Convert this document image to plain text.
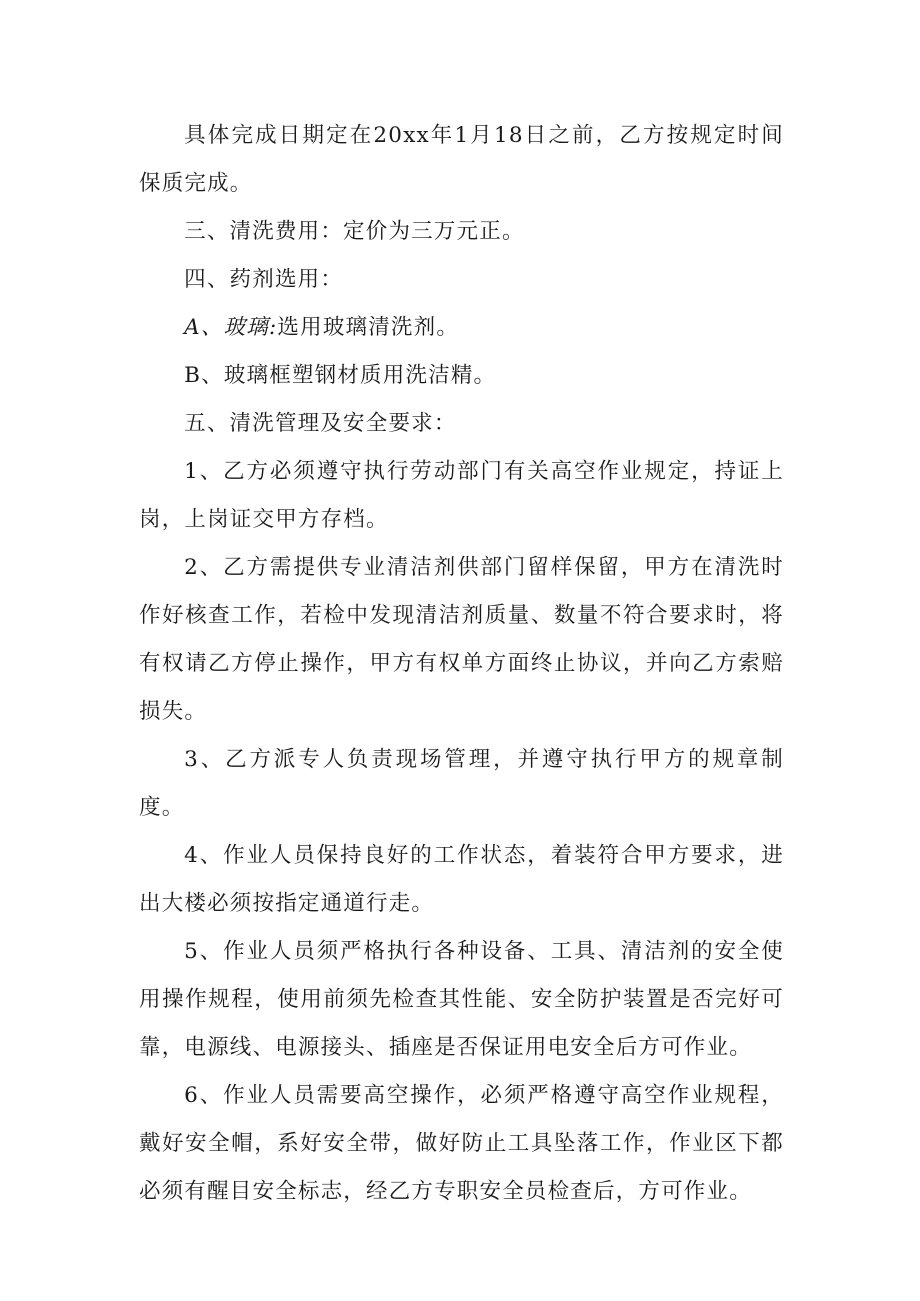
具体完成日期定在20xx年1月18日之前，乙方按规定时间保质完成。

三、清洗费用：定价为三万元正。

四、药剂选用：

A、玻璃:选用玻璃清洗剂。

B、玻璃框塑钢材质用洗洁精。

五、清洗管理及安全要求：

1、乙方必须遵守执行劳动部门有关高空作业规定，持证上岗，上岗证交甲方存档。

2、乙方需提供专业清洁剂供部门留样保留，甲方在清洗时作好核查工作，若检中发现清洁剂质量、数量不符合要求时，将有权请乙方停止操作，甲方有权单方面终止协议，并向乙方索赔损失。

3、乙方派专人负责现场管理，并遵守执行甲方的规章制度。

4、作业人员保持良好的工作状态，着装符合甲方要求，进出大楼必须按指定通道行走。

5、作业人员须严格执行各种设备、工具、清洁剂的安全使用操作规程，使用前须先检查其性能、安全防护装置是否完好可靠，电源线、电源接头、插座是否保证用电安全后方可作业。

6、作业人员需要高空操作，必须严格遵守高空作业规程，戴好安全帽，系好安全带，做好防止工具坠落工作，作业区下都必须有醒目安全标志，经乙方专职安全员检查后，方可作业。
